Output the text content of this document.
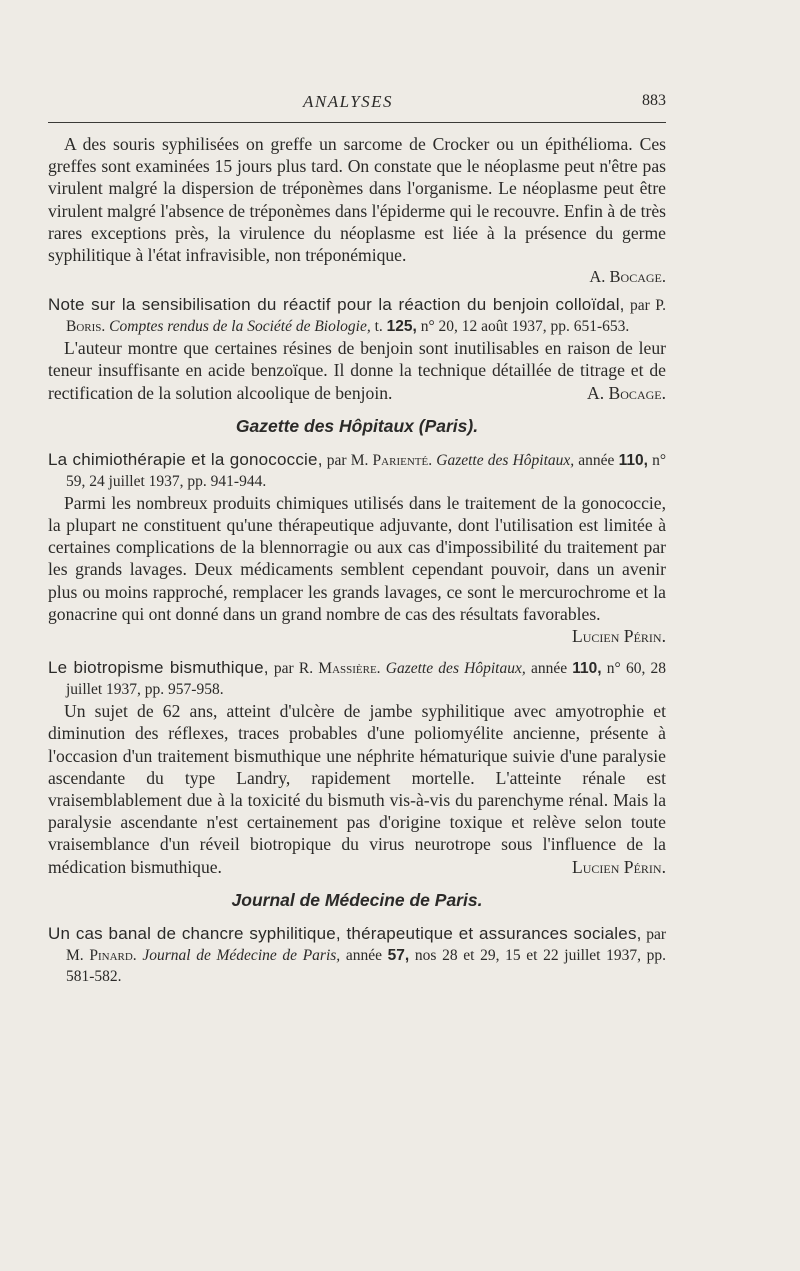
ANALYSES	883

A des souris syphilisées on greffe un sarcome de Crocker ou un épithélioma. Ces greffes sont examinées 15 jours plus tard. On constate que le néoplasme peut n'être pas virulent malgré la dispersion de tréponèmes dans l'organisme. Le néoplasme peut être virulent malgré l'absence de tréponèmes dans l'épiderme qui le recouvre. Enfin à de très rares exceptions près, la virulence du néoplasme est liée à la présence du germe syphilitique à l'état infravisible, non tréponémique.

A. Bocage.

Note sur la sensibilisation du réactif pour la réaction du benjoin colloïdal, par P. Boris. Comptes rendus de la Société de Biologie, t. 125, n° 20, 12 août 1937, pp. 651-653.

L'auteur montre que certaines résines de benjoin sont inutilisables en raison de leur teneur insuffisante en acide benzoïque. Il donne la technique détaillée de titrage et de rectification de la solution alcoolique de benjoin.	A. Bocage.

Gazette des Hôpitaux (Paris).

La chimiothérapie et la gonococcie, par M. Parienté. Gazette des Hôpitaux, année 110, n° 59, 24 juillet 1937, pp. 941-944.

Parmi les nombreux produits chimiques utilisés dans le traitement de la gonococcie, la plupart ne constituent qu'une thérapeutique adjuvante, dont l'utilisation est limitée à certaines complications de la blennorragie ou aux cas d'impossibilité du traitement par les grands lavages. Deux médicaments semblent cependant pouvoir, dans un avenir plus ou moins rapproché, remplacer les grands lavages, ce sont le mercurochrome et la gonacrine qui ont donné dans un grand nombre de cas des résultats favorables.
Lucien Périn.

Le biotropisme bismuthique, par R. Massière. Gazette des Hôpitaux, année 110, n° 60, 28 juillet 1937, pp. 957-958.

Un sujet de 62 ans, atteint d'ulcère de jambe syphilitique avec amyotrophie et diminution des réflexes, traces probables d'une poliomyélite ancienne, présente à l'occasion d'un traitement bismuthique une néphrite hématurique suivie d'une paralysie ascendante du type Landry, rapidement mortelle. L'atteinte rénale est vraisemblablement due à la toxicité du bismuth vis-à-vis du parenchyme rénal. Mais la paralysie ascendante n'est certainement pas d'origine toxique et relève selon toute vraisemblance d'un réveil biotropique du virus neurotrope sous l'influence de la médication bismuthique.	Lucien Périn.

Journal de Médecine de Paris.

Un cas banal de chancre syphilitique, thérapeutique et assurances sociales, par M. Pinard. Journal de Médecine de Paris, année 57, nos 28 et 29, 15 et 22 juillet 1937, pp. 581-582.
